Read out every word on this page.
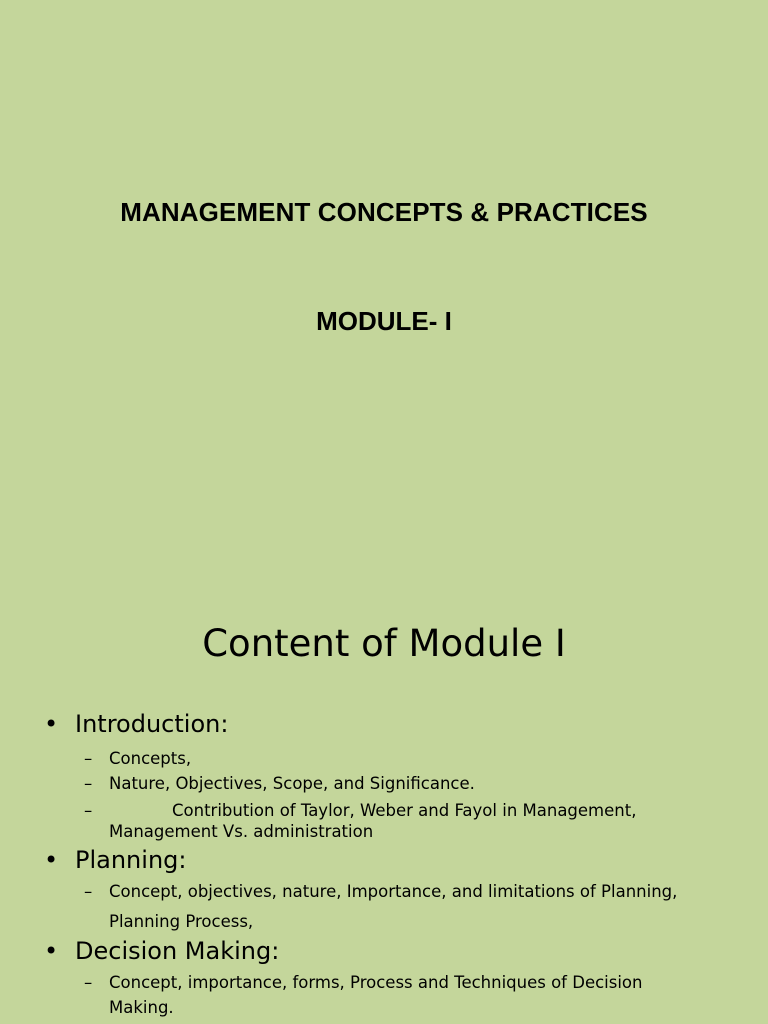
MANAGEMENT CONCEPTS & PRACTICES
MODULE- I
Content of Module I
• Introduction:
– Concepts,
– Nature, Objectives, Scope, and Significance.
–	Contribution of Taylor, Weber and Fayol in Management,
Management Vs. administration
• Planning:
– Concept, objectives, nature, Importance, and limitations of Planning,
Planning Process,
• Decision Making:
– Concept, importance, forms, Process and Techniques of Decision
Making.
